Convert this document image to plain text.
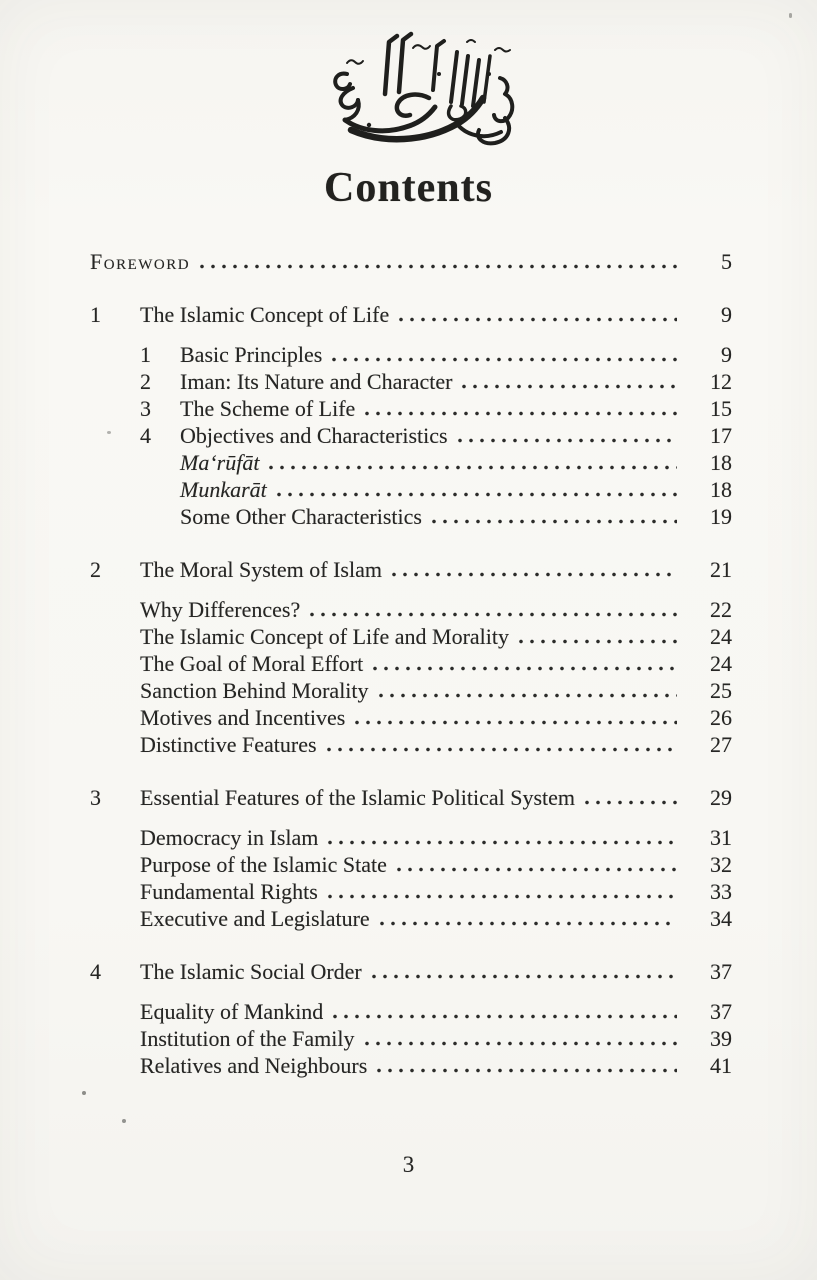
Contents
Foreword	5
1	The Islamic Concept of Life	9
1	Basic Principles	9
2	Iman: Its Nature and Character	12
3	The Scheme of Life	15
4	Objectives and Characteristics	17
Ma‘rūfāt	18
Munkarāt	18
Some Other Characteristics	19
2	The Moral System of Islam	21
Why Differences?	22
The Islamic Concept of Life and Morality	24
The Goal of Moral Effort	24
Sanction Behind Morality	25
Motives and Incentives	26
Distinctive Features	27
3	Essential Features of the Islamic Political System	29
Democracy in Islam	31
Purpose of the Islamic State	32
Fundamental Rights	33
Executive and Legislature	34
4	The Islamic Social Order	37
Equality of Mankind	37
Institution of the Family	39
Relatives and Neighbours	41
3
